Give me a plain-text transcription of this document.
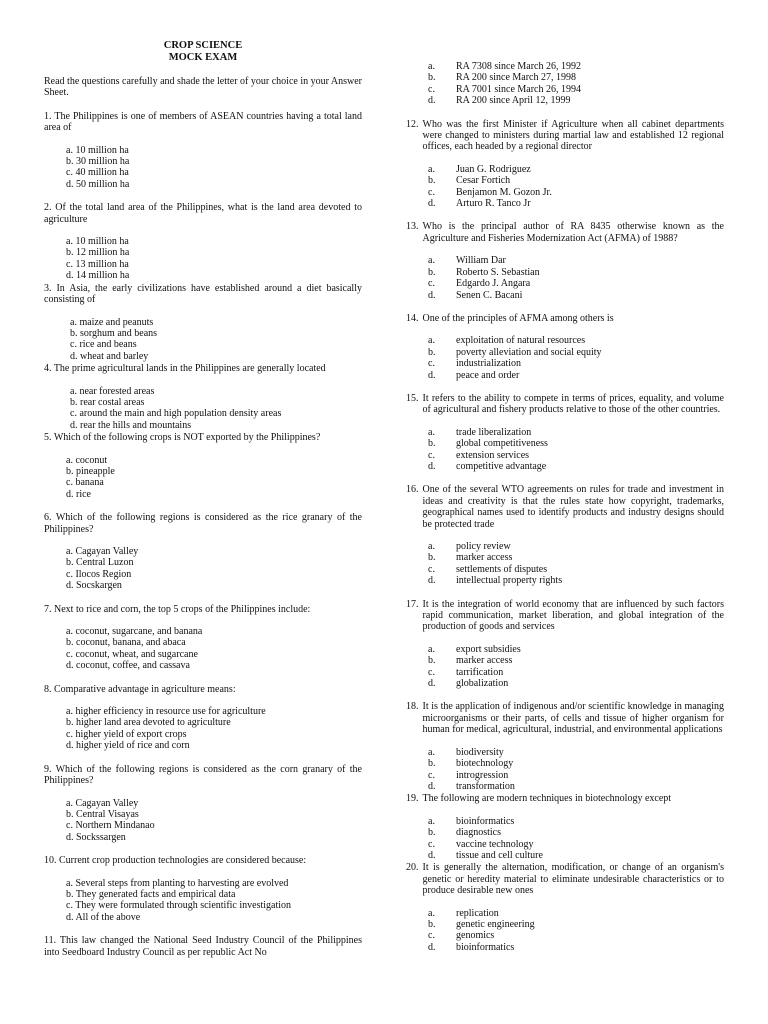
CROP SCIENCE
MOCK EXAM
Read the questions carefully and shade the letter of your choice in your Answer Sheet.
1. The Philippines is one of members of ASEAN countries having a total land area of
a. 10 million ha
b. 30 million ha
c. 40 million ha
d. 50 million ha
2. Of the total land area of the Philippines, what is the land area devoted to agriculture
a. 10 million ha
b. 12 million ha
c. 13 million ha
d. 14 million ha
3. In Asia, the early civilizations have established around a diet basically consisting of
a. maize and peanuts
b. sorghum and beans
c. rice and beans
d. wheat and barley
4. The prime agricultural lands in the Philippines are generally located
a. near forested areas
b. rear costal areas
c. around the main and high population density areas
d. rear the hills and mountains
5. Which of the following crops is NOT exported by the Philippines?
a. coconut
b. pineapple
c. banana
d. rice
6. Which of the following regions is considered as the rice granary of the Philippines?
a. Cagayan Valley
b. Central Luzon
c. Ilocos Region
d. Socskargen
7. Next to rice and corn, the top 5 crops of the Philippines include:
a. coconut, sugarcane, and banana
b. coconut, banana, and abaca
c. coconut, wheat, and sugarcane
d. coconut, coffee, and cassava
8. Comparative advantage in agriculture means:
a. higher efficiency in resource use for agriculture
b. higher land area devoted to agriculture
c. higher yield of export crops
d. higher yield of rice and corn
9. Which of the following regions is considered as the corn granary of the Philippines?
a. Cagayan Valley
b. Central Visayas
c. Northern Mindanao
d. Sockssargen
10. Current crop production technologies are considered because:
a. Several steps from planting to harvesting are evolved
b. They generated facts and empirical data
c. They were formulated through scientific investigation
d. All of the above
11. This law changed the National Seed Industry Council of the Philippines into Seedboard Industry Council as per republic Act No
a.	RA 7308 since March 26, 1992
b.	RA 200 since March 27, 1998
c.	RA 7001 since March 26, 1994
d.	RA 200 since April 12, 1999
12. Who was the first Minister if Agriculture when all cabinet departments were changed to ministers during martial law and established 12 regional offices, each headed by a regional director
a.	Juan G. Rodriguez
b.	Cesar Fortich
c.	Benjamon M. Gozon Jr.
d.	Arturo R. Tanco Jr
13. Who is the principal author of RA 8435 otherwise known as the Agriculture and Fisheries Modernization Act (AFMA) of 1988?
a.	William Dar
b.	Roberto S. Sebastian
c.	Edgardo J. Angara
d.	Senen C. Bacani
14. One of the principles of AFMA among others is
a.	exploitation of natural resources
b.	poverty alleviation and social equity
c.	industrialization
d.	peace and order
15. It refers to the ability to compete in terms of prices, equality, and volume of agricultural and fishery products relative to those of the other countries.
a.	trade liberalization
b.	global competitiveness
c.	extension services
d.	competitive advantage
16. One of the several WTO agreements on rules for trade and investment in ideas and creativity is that the rules state how copyright, trademarks, geographical names used to identify products and industry designs should be protected trade
a.	policy review
b.	marker access
c.	settlements of disputes
d.	intellectual property rights
17. It is the integration of world economy that are influenced by such factors rapid communication, market liberation, and global integration of the production of goods and services
a.	export subsidies
b.	marker access
c.	tarrification
d.	globalization
18. It is the application of indigenous and/or scientific knowledge in managing microorganisms or their parts, of cells and tissue of higher organism for human for medical, agricultural, industrial, and environmental applications
a.	biodiversity
b.	biotechnology
c.	introgression
d.	transformation
19. The following are modern techniques in biotechnology except
a.	bioinformatics
b.	diagnostics
c.	vaccine technology
d.	tissue and cell culture
20. It is generally the alternation, modification, or change of an organism's genetic or heredity material to eliminate undesirable characteristics or to produce desirable new ones
a.	replication
b.	genetic engineering
c.	genomics
d.	bioinformatics
